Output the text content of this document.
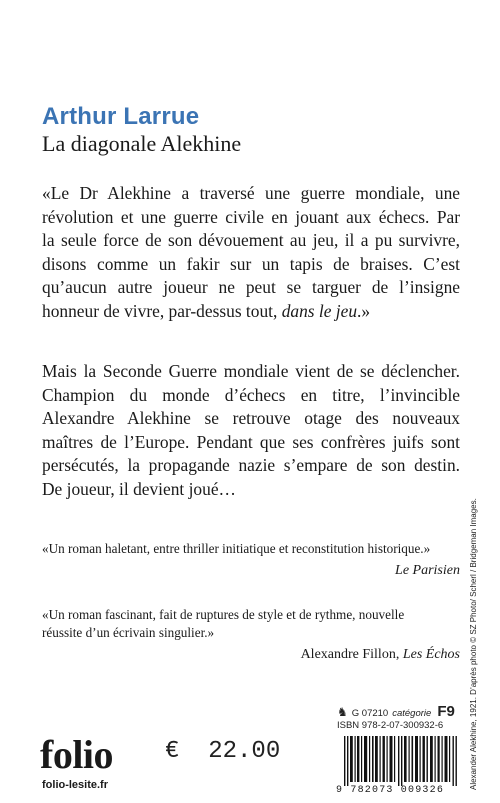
Arthur Larrue
La diagonale Alekhine
«Le Dr Alekhine a traversé une guerre mondiale, une
révolution et une guerre civile en jouant aux échecs. Par
la seule force de son dévouement au jeu, il a pu survivre,
disons comme un fakir sur un tapis de braises. C’est
qu’aucun autre joueur ne peut se targuer de l’insigne
honneur de vivre, par-dessus tout, dans le jeu.»
Mais la Seconde Guerre mondiale vient de se déclencher.
Champion du monde d’échecs en titre, l’invincible
Alexandre Alekhine se retrouve otage des nouveaux
maîtres de l’Europe. Pendant que ses confrères juifs sont
persécutés, la propagande nazie s’empare de son destin.
De joueur, il devient joué…
«Un roman haletant, entre thriller initiatique et reconstitution historique.»
Le Parisien
«Un roman fascinant, fait de ruptures de style et de rythme, nouvelle
réussite d’un écrivain singulier.»
Alexandre Fillon, Les Échos Alexander Alekhine, 1921. D’après photo © SZ Photo/ Scherl / Bridgeman Images.
♞ G 07210 catégorie F9
ISBN 978-2-07-300932-6
folio
folio-lesite.fr
€  22.00
9 782073 009326
